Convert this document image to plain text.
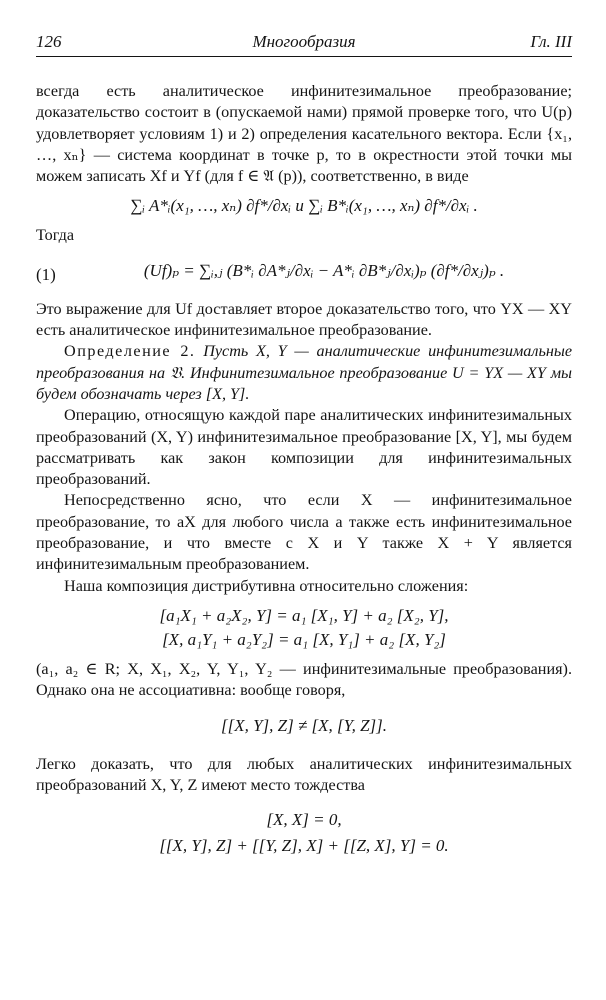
126	Многообразия	Гл. III

всегда есть аналитическое инфинитезимальное преобразование; доказательство состоит в (опускаемой нами) прямой проверке того, что U(p) удовлетворяет условиям 1) и 2) определения касательного вектора. Если {x₁, …, xₙ} — система координат в точке p, то в окрестности этой точки мы можем записать Xf и Yf (для f ∈ 𝔄 (p)), соответственно, в виде

∑ᵢ A*ᵢ(x₁, …, xₙ) ∂f*/∂xᵢ и ∑ᵢ B*ᵢ(x₁, …, xₙ) ∂f*/∂xᵢ .

Тогда

(1)	(Uf)ₚ = ∑ᵢ,ⱼ (B*ᵢ ∂A*ⱼ/∂xᵢ − A*ᵢ ∂B*ⱼ/∂xᵢ)ₚ (∂f*/∂xⱼ)ₚ .

Это выражение для Uf доставляет второе доказательство того, что YX — XY есть аналитическое инфинитезимальное преобразование.

Определение 2. Пусть X, Y — аналитические инфинитезимальные преобразования на 𝔙. Инфинитезимальное преобразование U = YX — XY мы будем обозначать через [X, Y].

Операцию, относящую каждой паре аналитических инфинитезимальных преобразований (X, Y) инфинитезимальное преобразование [X, Y], мы будем рассматривать как закон композиции для инфинитезимальных преобразований.

Непосредственно ясно, что если X — инфинитезимальное преобразование, то aX для любого числа a также есть инфинитезимальное преобразование, и что вместе с X и Y также X + Y является инфинитезимальным преобразованием.

Наша композиция дистрибутивна относительно сложения:

[a₁X₁ + a₂X₂, Y] = a₁ [X₁, Y] + a₂ [X₂, Y],
[X, a₁Y₁ + a₂Y₂] = a₁ [X, Y₁] + a₂ [X, Y₂]

(a₁, a₂ ∈ R; X, X₁, X₂, Y, Y₁, Y₂ — инфинитезимальные преобразования). Однако она не ассоциативна: вообще говоря,

[[X, Y], Z] ≠ [X, [Y, Z]].

Легко доказать, что для любых аналитических инфинитезимальных преобразований X, Y, Z имеют место тождества

[X, X] = 0,
[[X, Y], Z] + [[Y, Z], X] + [[Z, X], Y] = 0.
